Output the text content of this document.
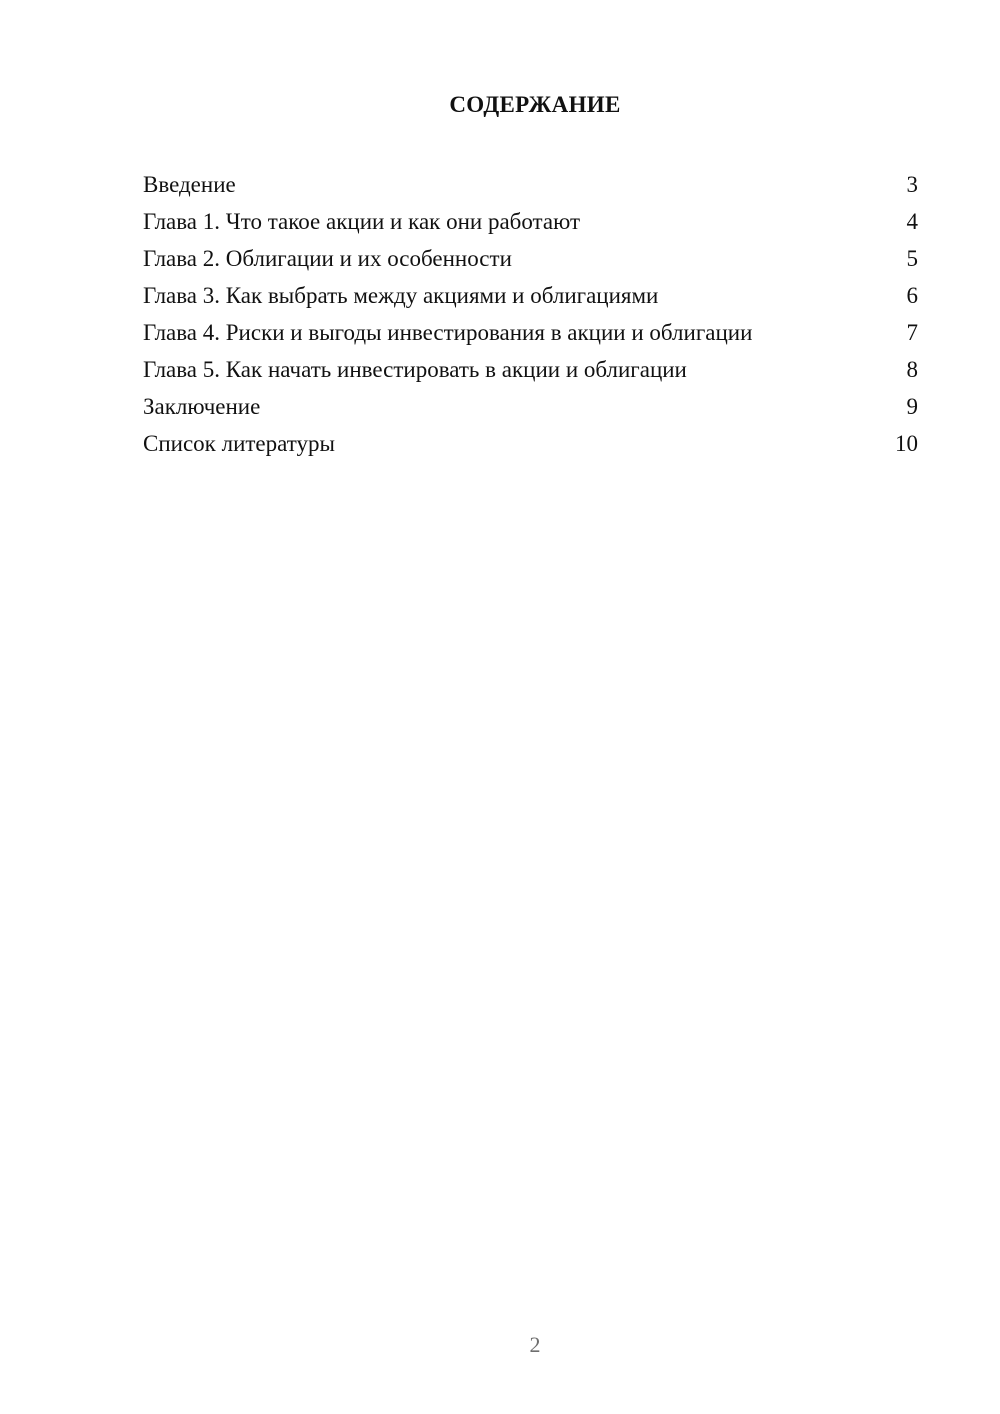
СОДЕРЖАНИЕ
Введение	3
Глава 1. Что такое акции и как они работают	4
Глава 2. Облигации и их особенности	5
Глава 3. Как выбрать между акциями и облигациями	6
Глава 4. Риски и выгоды инвестирования в акции и облигации	7
Глава 5. Как начать инвестировать в акции и облигации	8
Заключение	9
Список литературы	10
2
